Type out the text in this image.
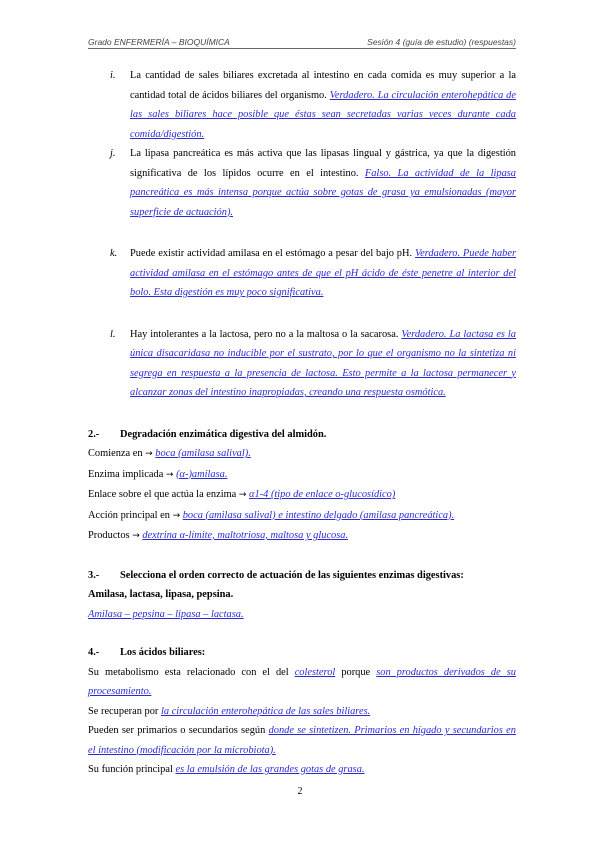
Grado ENFERMERÍA – BIOQUÍMICA	Sesión 4 (guía de estudio) (respuestas)
i. La cantidad de sales biliares excretada al intestino en cada comida es muy superior a la cantidad total de ácidos biliares del organismo. Verdadero. La circulación enterohepática de las sales biliares hace posible que éstas sean secretadas varias veces durante cada comida/digestión.
j. La lipasa pancreática es más activa que las lipasas lingual y gástrica, ya que la digestión significativa de los lípidos ocurre en el intestino. Falso. La actividad de la lipasa pancreática es más intensa porque actúa sobre gotas de grasa ya emulsionadas (mayor superficie de actuación).
k. Puede existir actividad amilasa en el estómago a pesar del bajo pH. Verdadero. Puede haber actividad amilasa en el estómago antes de que el pH ácido de éste penetre al interior del bolo. Esta digestión es muy poco significativa.
l. Hay intolerantes a la lactosa, pero no a la maltosa o la sacarosa. Verdadero. La lactasa es la única disacaridasa no inducible por el sustrato, por lo que el organismo no la sintetiza ni segrega en respuesta a la presencia de lactosa. Esto permite a la lactosa permanecer y alcanzar zonas del intestino inapropiadas, creando una respuesta osmótica.
2.- Degradación enzimática digestiva del almidón.
Comienza en → boca (amilasa salival).
Enzima implicada → (α-)amilasa.
Enlace sobre el que actúa la enzima → α1-4 (tipo de enlace o-glucosídico)
Acción principal en → boca (amilasa salival) e intestino delgado (amilasa pancreática).
Productos → dextrina α-límite, maltotriosa, maltosa y glucosa.
3.- Selecciona el orden correcto de actuación de las siguientes enzimas digestivas:
Amilasa, lactasa, lipasa, pepsina.
Amilasa – pepsina – lipasa – lactasa.
4.- Los ácidos biliares:
Su metabolismo esta relacionado con el del colesterol porque son productos derivados de su procesamiento.
Se recuperan por la circulación enterohepática de las sales biliares.
Pueden ser primarios o secundarios según donde se sintetizen. Primarios en hígado y secundarios en el intestino (modificación por la microbiota).
Su función principal es la emulsión de las grandes gotas de grasa.
2
